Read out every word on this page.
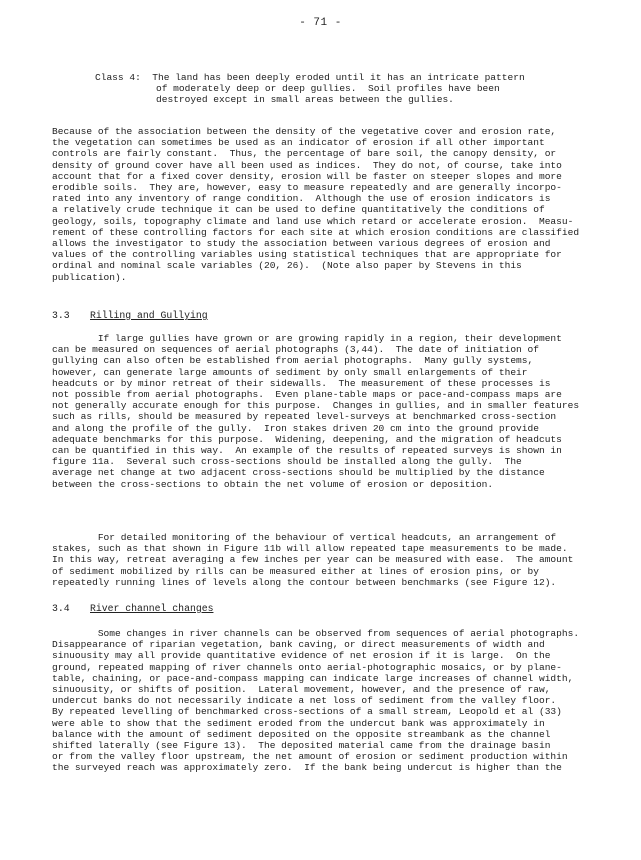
- 71 -
Class 4:  The land has been deeply eroded until it has an intricate pattern
of moderately deep or deep gullies.  Soil profiles have been
destroyed except in small areas between the gullies.
Because of the association between the density of the vegetative cover and erosion rate,
the vegetation can sometimes be used as an indicator of erosion if all other important
controls are fairly constant.  Thus, the percentage of bare soil, the canopy density, or
density of ground cover have all been used as indices.  They do not, of course, take into
account that for a fixed cover density, erosion will be faster on steeper slopes and more
erodible soils.  They are, however, easy to measure repeatedly and are generally incorpo-
rated into any inventory of range condition.  Although the use of erosion indicators is
a relatively crude technique it can be used to define quantitatively the conditions of
geology, soils, topography climate and land use which retard or accelerate erosion.  Measu-
rement of these controlling factors for each site at which erosion conditions are classified
allows the investigator to study the association between various degrees of erosion and
values of the controlling variables using statistical techniques that are appropriate for
ordinal and nominal scale variables (20, 26).  (Note also paper by Stevens in this
publication).
3.3 Rilling and Gullying
If large gullies have grown or are growing rapidly in a region, their development
can be measured on sequences of aerial photographs (3,44).  The date of initiation of
gullying can also often be established from aerial photographs.  Many gully systems,
however, can generate large amounts of sediment by only small enlargements of their
headcuts or by minor retreat of their sidewalls.  The measurement of these processes is
not possible from aerial photographs.  Even plane-table maps or pace-and-compass maps are
not generally accurate enough for this purpose.  Changes in gullies, and in smaller features
such as rills, should be measured by repeated level-surveys at benchmarked cross-section
and along the profile of the gully.  Iron stakes driven 20 cm into the ground provide
adequate benchmarks for this purpose.  Widening, deepening, and the migration of headcuts
can be quantified in this way.  An example of the results of repeated surveys is shown in
figure 11a.  Several such cross-sections should be installed along the gully.  The
average net change at two adjacent cross-sections should be multiplied by the distance
between the cross-sections to obtain the net volume of erosion or deposition.
For detailed monitoring of the behaviour of vertical headcuts, an arrangement of
stakes, such as that shown in Figure 11b will allow repeated tape measurements to be made.
In this way, retreat averaging a few inches per year can be measured with ease.  The amount
of sediment mobilized by rills can be measured either at lines of erosion pins, or by
repeatedly running lines of levels along the contour between benchmarks (see Figure 12).
3.4 River channel changes
Some changes in river channels can be observed from sequences of aerial photographs.
Disappearance of riparian vegetation, bank caving, or direct measurements of width and
sinuousity may all provide quantitative evidence of net erosion if it is large.  On the
ground, repeated mapping of river channels onto aerial-photographic mosaics, or by plane-
table, chaining, or pace-and-compass mapping can indicate large increases of channel width,
sinuousity, or shifts of position.  Lateral movement, however, and the presence of raw,
undercut banks do not necessarily indicate a net loss of sediment from the valley floor.
By repeated levelling of benchmarked cross-sections of a small stream, Leopold et al (33)
were able to show that the sediment eroded from the undercut bank was approximately in
balance with the amount of sediment deposited on the opposite streambank as the channel
shifted laterally (see Figure 13).  The deposited material came from the drainage basin
or from the valley floor upstream, the net amount of erosion or sediment production within
the surveyed reach was approximately zero.  If the bank being undercut is higher than the
